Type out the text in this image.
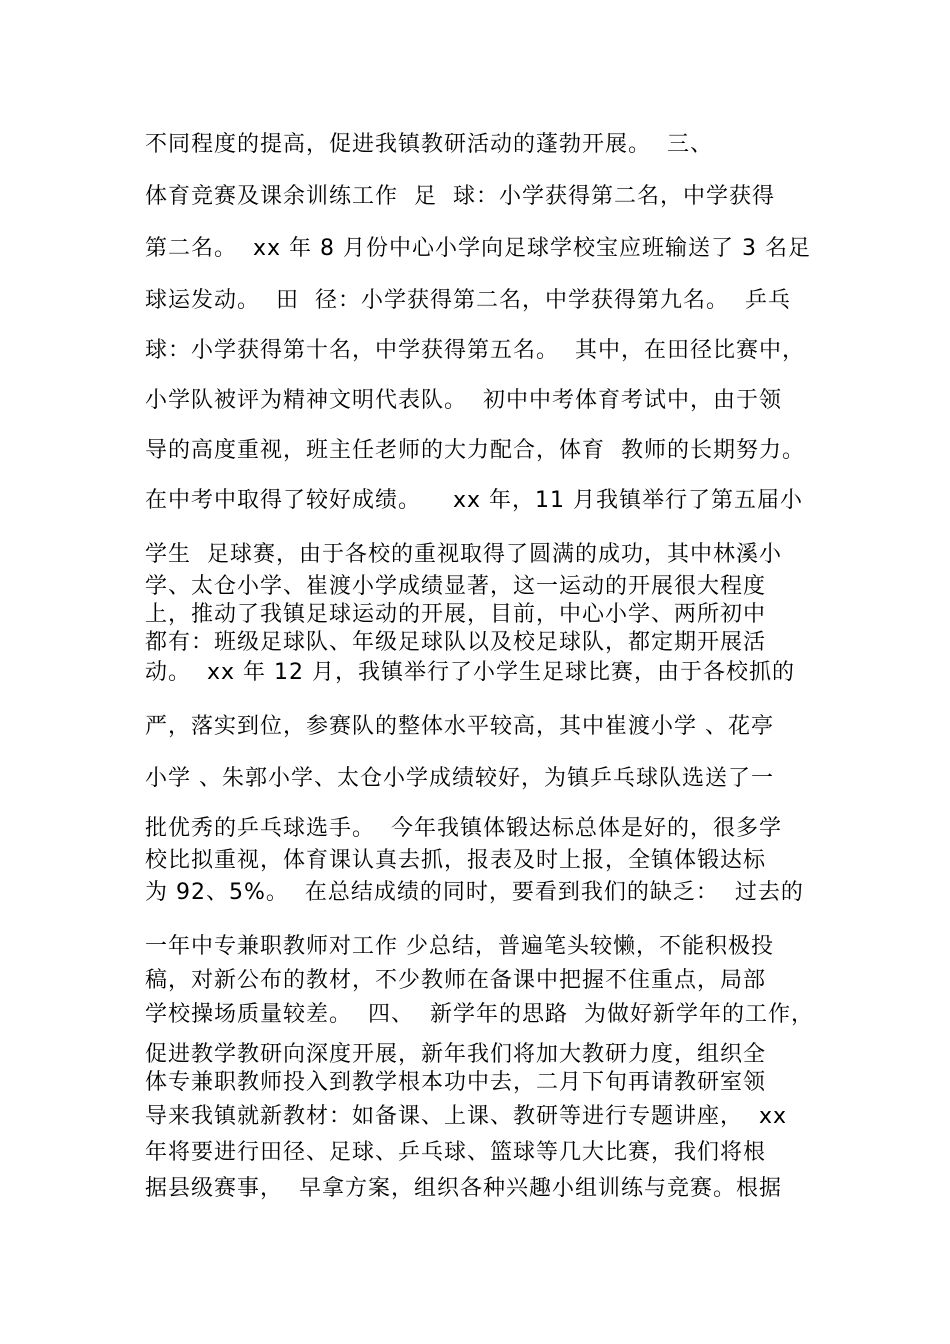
不同程度的提高，促进我镇教研活动的蓬勃开展。  三、
体育竞赛及课余训练工作  足  球：小学获得第二名，中学获得
第二名。  xx 年 8 月份中心小学向足球学校宝应班输送了 3 名足
球运发动。  田  径：小学获得第二名，中学获得第九名。  乒乓
球：小学获得第十名，中学获得第五名。  其中，在田径比赛中，
小学队被评为精神文明代表队。  初中中考体育考试中，由于领
导的高度重视，班主任老师的大力配合，体育  教师的长期努力。
在中考中取得了较好成绩。    xx 年，11 月我镇举行了第五届小
学生  足球赛，由于各校的重视取得了圆满的成功，其中林溪小
学、太仓小学、崔渡小学成绩显著，这一运动的开展很大程度
上，推动了我镇足球运动的开展，目前，中心小学、两所初中
都有：班级足球队、年级足球队以及校足球队，都定期开展活
动。  xx 年 12 月，我镇举行了小学生足球比赛，由于各校抓的
严，落实到位，参赛队的整体水平较高，其中崔渡小学 、花亭
小学 、朱郭小学、太仓小学成绩较好，为镇乒乓球队选送了一
批优秀的乒乓球选手。  今年我镇体锻达标总体是好的，很多学
校比拟重视，体育课认真去抓，报表及时上报，全镇体锻达标
为 92、5%。  在总结成绩的同时，要看到我们的缺乏：  过去的
一年中专兼职教师对工作 少总结，普遍笔头较懒，不能积极投
稿，对新公布的教材，不少教师在备课中把握不住重点，局部
学校操场质量较差。  四、  新学年的思路  为做好新学年的工作，
促进教学教研向深度开展，新年我们将加大教研力度，组织全
体专兼职教师投入到教学根本功中去，二月下旬再请教研室领
导来我镇就新教材：如备课、上课、教研等进行专题讲座，  xx
年将要进行田径、足球、乒乓球、篮球等几大比赛，我们将根
据县级赛事，  早拿方案，组织各种兴趣小组训练与竞赛。根据
